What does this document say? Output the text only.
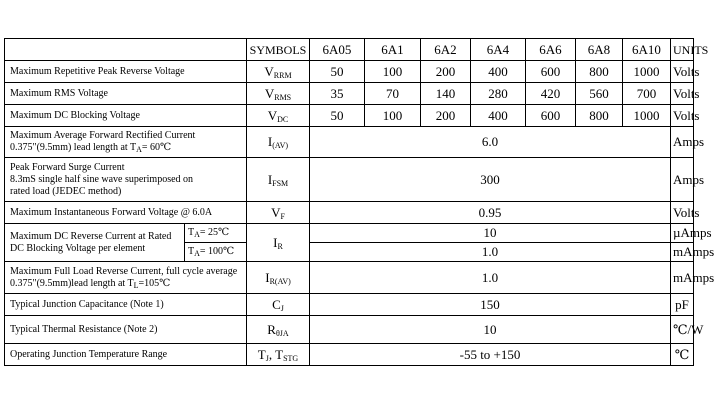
		SYMBOLS	6A05	6A1	6A2	6A4	6A6	6A8	6A10	UNITS
Maximum Repetitive Peak Reverse Voltage		$V_{RRM}$	50	100	200	400	600	800	1000	Volts
Maximum RMS Voltage		$V_{RMS}$	35	70	140	280	420	560	700	Volts
Maximum DC Blocking Voltage		$V_{DC}$	50	100	200	400	600	800	1000	Volts

Maximum Average Forward Rectified Current
0.375"(9.5mm) lead length at $T_A=$ 60℃		$I_{(AV)}$	6.0							Amps

Peak Forward Surge Current
8.3mS single half sine wave superimposed on
rated load (JEDEC method)		$I_{FSM}$	300							Amps
Maximum Instantaneous Forward Voltage @ 6.0A		$V_F$	0.95							Volts

Maximum DC Reverse Current at Rated
DC Blocking Voltage per element	$T_A=$ 25℃	$I_R$	10							µAmps
	$T_A=$ 100℃		1.0							mAmps

Maximum Full Load Reverse Current, full cycle average
0.375"(9.5mm)lead length at $T_L=105℃$		$I_{R(AV)}$	1.0							mAmps
Typical Junction Capacitance (Note 1)		$C_J$	150							pF
Typical Thermal Resistance (Note 2)		$R_{\theta JA}$	10							℃/W
Operating Junction Temperature Range		$T_J$, $T_{STG}$	-55 to +150							℃
